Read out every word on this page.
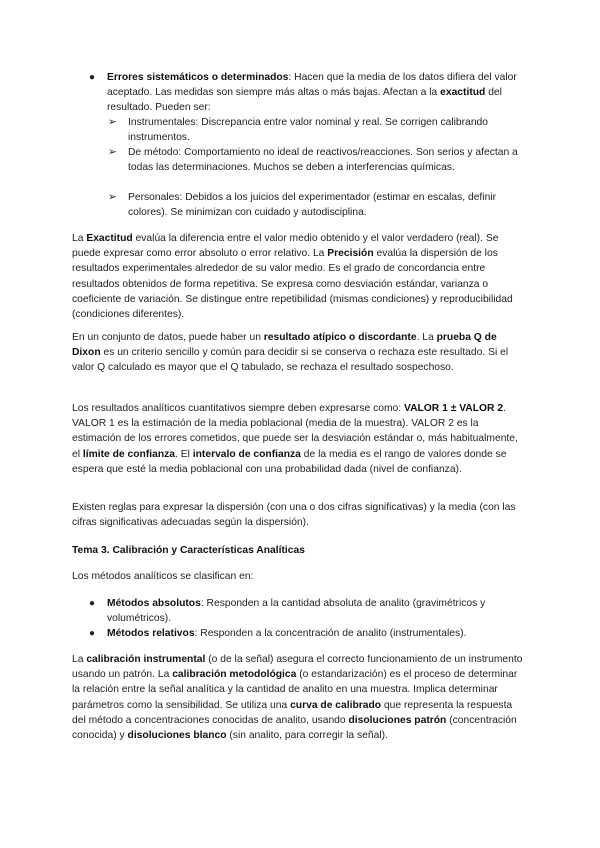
● Errores sistemáticos o determinados: Hacen que la media de los datos difiera del valor aceptado. Las medidas son siempre más altas o más bajas. Afectan a la exactitud del resultado. Pueden ser:

➢ Instrumentales: Discrepancia entre valor nominal y real. Se corrigen calibrando instrumentos.

➢ De método: Comportamiento no ideal de reactivos/reacciones. Son serios y afectan a todas las determinaciones. Muchos se deben a interferencias químicas.

➢ Personales: Debidos a los juicios del experimentador (estimar en escalas, definir colores). Se minimizan con cuidado y autodisciplina.

La Exactitud evalúa la diferencia entre el valor medio obtenido y el valor verdadero (real). Se puede expresar como error absoluto o error relativo. La Precisión evalúa la dispersión de los resultados experimentales alrededor de su valor medio. Es el grado de concordancia entre resultados obtenidos de forma repetitiva. Se expresa como desviación estándar, varianza o coeficiente de variación. Se distingue entre repetibilidad (mismas condiciones) y reproducibilidad (condiciones diferentes).

En un conjunto de datos, puede haber un resultado atípico o discordante. La prueba Q de Dixon es un criterio sencillo y común para decidir si se conserva o rechaza este resultado. Si el valor Q calculado es mayor que el Q tabulado, se rechaza el resultado sospechoso.

Los resultados analíticos cuantitativos siempre deben expresarse como: VALOR 1 ± VALOR 2. VALOR 1 es la estimación de la media poblacional (media de la muestra). VALOR 2 es la estimación de los errores cometidos, que puede ser la desviación estándar o, más habitualmente, el límite de confianza. El intervalo de confianza de la media es el rango de valores donde se espera que esté la media poblacional con una probabilidad dada (nivel de confianza).

Existen reglas para expresar la dispersión (con una o dos cifras significativas) y la media (con las cifras significativas adecuadas según la dispersión).

Tema 3. Calibración y Características Analíticas

Los métodos analíticos se clasifican en:

● Métodos absolutos: Responden a la cantidad absoluta de analito (gravimétricos y volumétricos).

● Métodos relativos: Responden a la concentración de analito (instrumentales).

La calibración instrumental (o de la señal) asegura el correcto funcionamiento de un instrumento usando un patrón. La calibración metodológica (o estandarización) es el proceso de determinar la relación entre la señal analítica y la cantidad de analito en una muestra. Implica determinar parámetros como la sensibilidad. Se utiliza una curva de calibrado que representa la respuesta del método a concentraciones conocidas de analito, usando disoluciones patrón (concentración conocida) y disoluciones blanco (sin analito, para corregir la señal).
